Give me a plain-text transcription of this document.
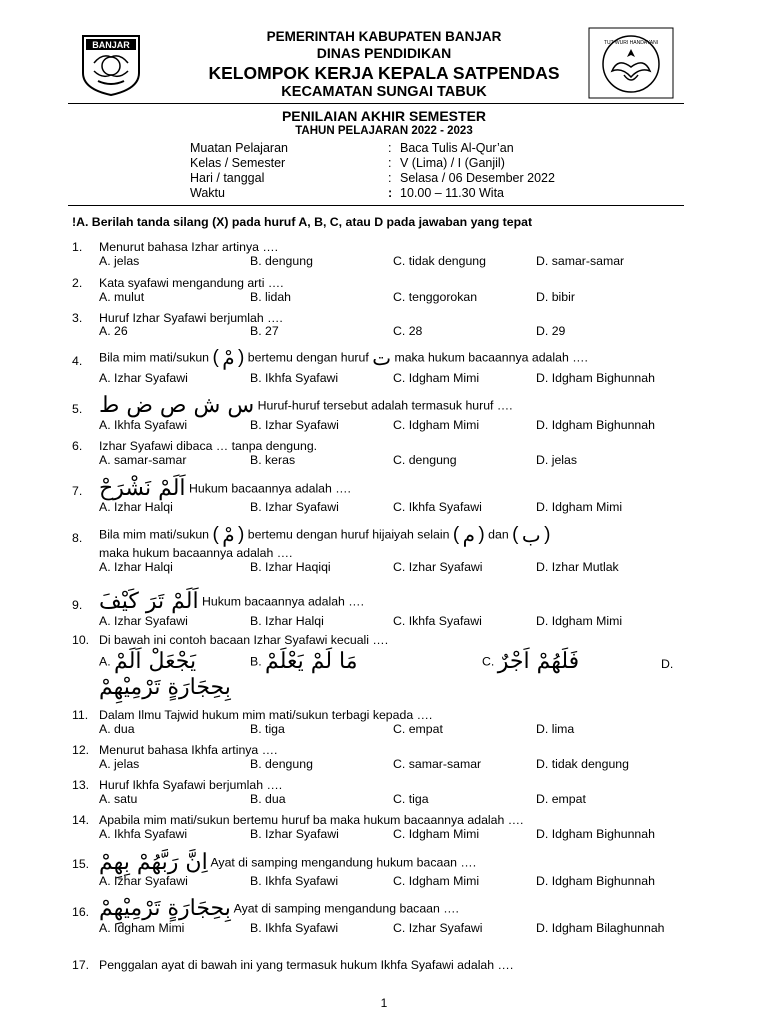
BANJAR	TUT WURI HANDAYANI
PEMERINTAH KABUPATEN BANJAR
DINAS PENDIDIKAN
KELOMPOK KERJA KEPALA SATPENDAS
KECAMATAN SUNGAI TABUK
PENILAIAN AKHIR SEMESTER
TAHUN PELAJARAN 2022 - 2023
Muatan Pelajaran	: Baca Tulis Al-Qur’an
Kelas / Semester	: V (Lima) / I (Ganjil)
Hari / tanggal	: Selasa / 06 Desember 2022
Waktu	: 10.00 – 11.30 Wita
!A. Berilah tanda silang (X) pada huruf A, B, C, atau D pada jawaban yang tepat
1. Menurut bahasa Izhar artinya ….
A. jelas	B. dengung	C. tidak dengung	D. samar-samar
2. Kata syafawi mengandung arti ….
A. mulut	B. lidah	C. tenggorokan	D. bibir
3. Huruf Izhar Syafawi berjumlah ….
A. 26	B. 27	C. 28	D. 29
4. Bila mim mati/sukun ( مْ ) bertemu dengan huruf ت maka hukum bacaannya adalah ….
A. Izhar Syafawi	B. Ikhfa Syafawi	C. Idgham Mimi	D. Idgham Bighunnah
5. س ش ص ض ط Huruf-huruf tersebut adalah termasuk huruf ….
A. Ikhfa Syafawi	B. Izhar Syafawi	C. Idgham Mimi	D. Idgham Bighunnah
6. Izhar Syafawi dibaca … tanpa dengung.
A. samar-samar	B. keras	C. dengung	D. jelas
7. اَلَمْ نَشْرَحْ Hukum bacaannya adalah ….
A. Izhar Halqi	B. Izhar Syafawi	C. Ikhfa Syafawi	D. Idgham Mimi
8. Bila mim mati/sukun ( مْ ) bertemu dengan huruf hijaiyah selain ( م ) dan ( ب )
maka hukum bacaannya adalah ….
A. Izhar Halqi	B. Izhar Haqiqi	C. Izhar Syafawi	D. Izhar Mutlak
9. اَلَمْ تَرَ كَيْفَ Hukum bacaannya adalah ….
A. Izhar Syafawi	B. Izhar Halqi	C. Ikhfa Syafawi	D. Idgham Mimi
10. Di bawah ini contoh bacaan Izhar Syafawi kecuali ….
A. يَجْعَلْ اَلَمْ	B. مَا لَمْ يَعْلَمْ	C. فَلَهُمْ اَجْرٌ	D.
بِحِجَارَةٍ تَرْمِيْهِمْ
11. Dalam Ilmu Tajwid hukum mim mati/sukun terbagi kepada ….
A. dua	B. tiga	C. empat	D. lima
12. Menurut bahasa Ikhfa artinya ….
A. jelas	B. dengung	C. samar-samar	D. tidak dengung
13. Huruf Ikhfa Syafawi berjumlah ….
A. satu	B. dua	C. tiga	D. empat
14. Apabila mim mati/sukun bertemu huruf ba maka hukum bacaannya adalah ….
A. Ikhfa Syafawi	B. Izhar Syafawi	C. Idgham Mimi	D. Idgham Bighunnah
15. اِنَّ رَبَّهُمْ بِهِمْ Ayat di samping mengandung hukum bacaan ….
A. Izhar Syafawi	B. Ikhfa Syafawi	C. Idgham Mimi	D. Idgham Bighunnah
16. بِحِجَارَةٍ تَرْمِيْهِمْ Ayat di samping mengandung bacaan ….
A. Idgham Mimi	B. Ikhfa Syafawi	C. Izhar Syafawi	D. Idgham Bilaghunnah
17. Penggalan ayat di bawah ini yang termasuk hukum Ikhfa Syafawi adalah ….
1
